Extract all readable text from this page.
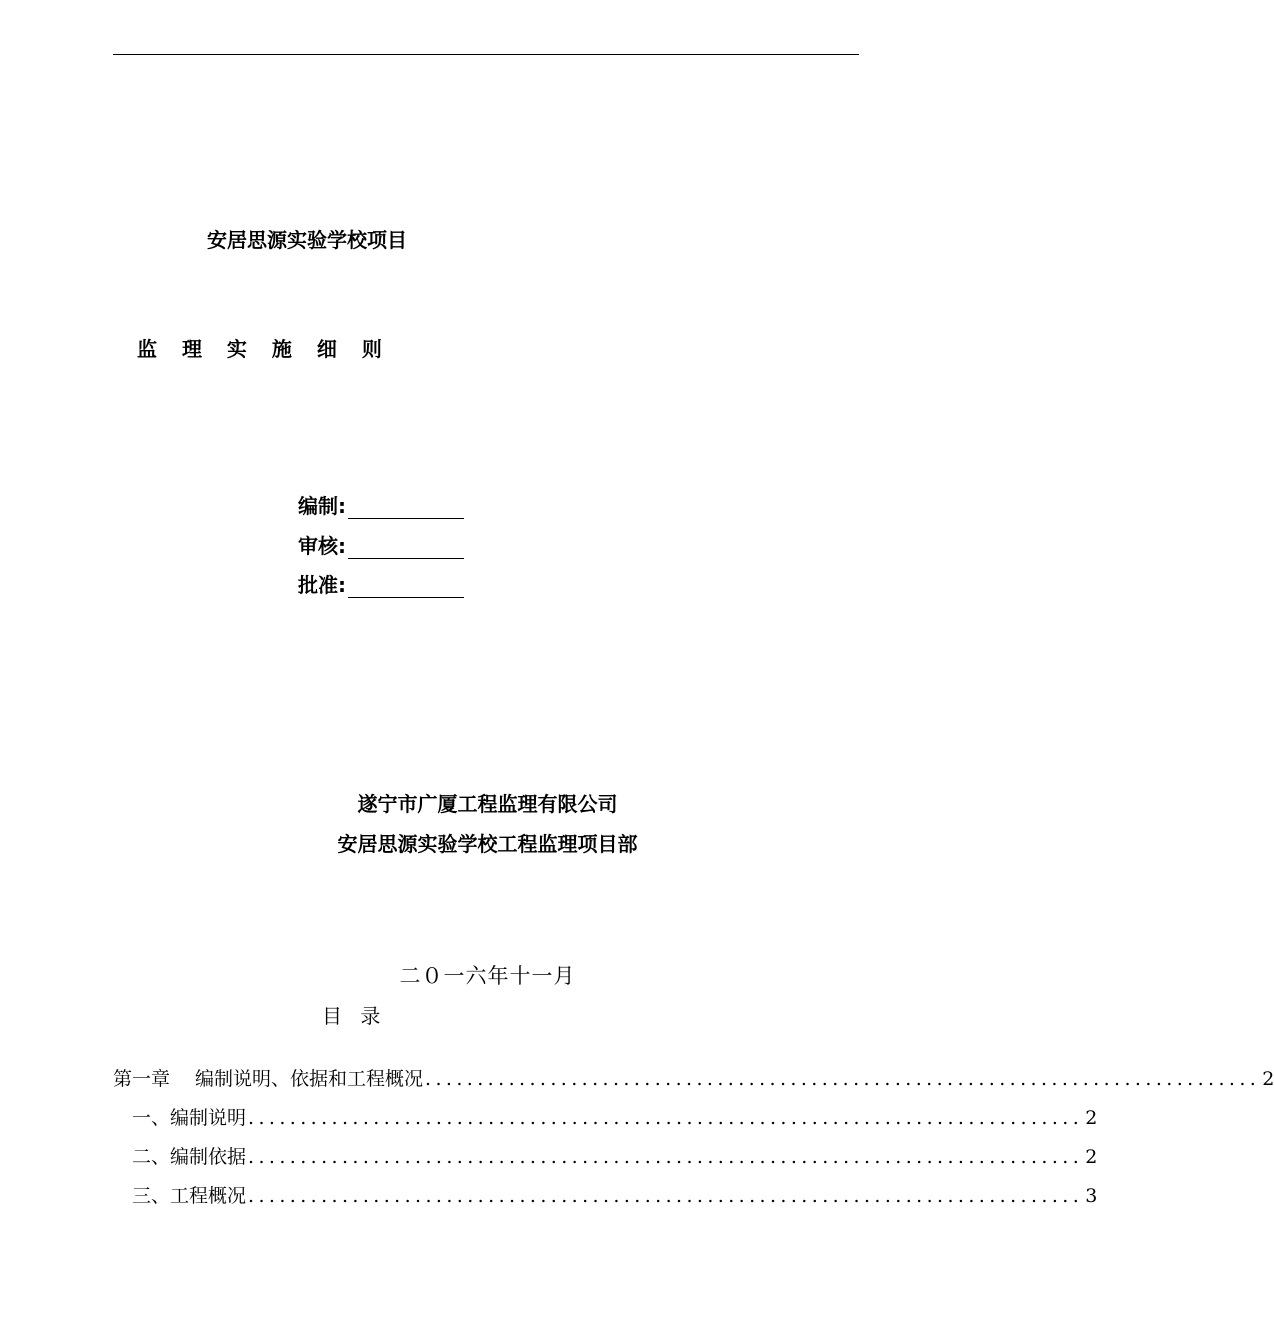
安居思源实验学校项目
监 理 实 施 细 则
编制:
审核:
批准:
遂宁市广厦工程监理有限公司
安居思源实验学校工程监理项目部
二０一六年十一月
目 录
第一章　 编制说明、依据和工程概况 ................................................................................ 2
　一、编制说明 ................................................................................ 2
　二、编制依据 ................................................................................ 2
　三、工程概况 ................................................................................ 3
